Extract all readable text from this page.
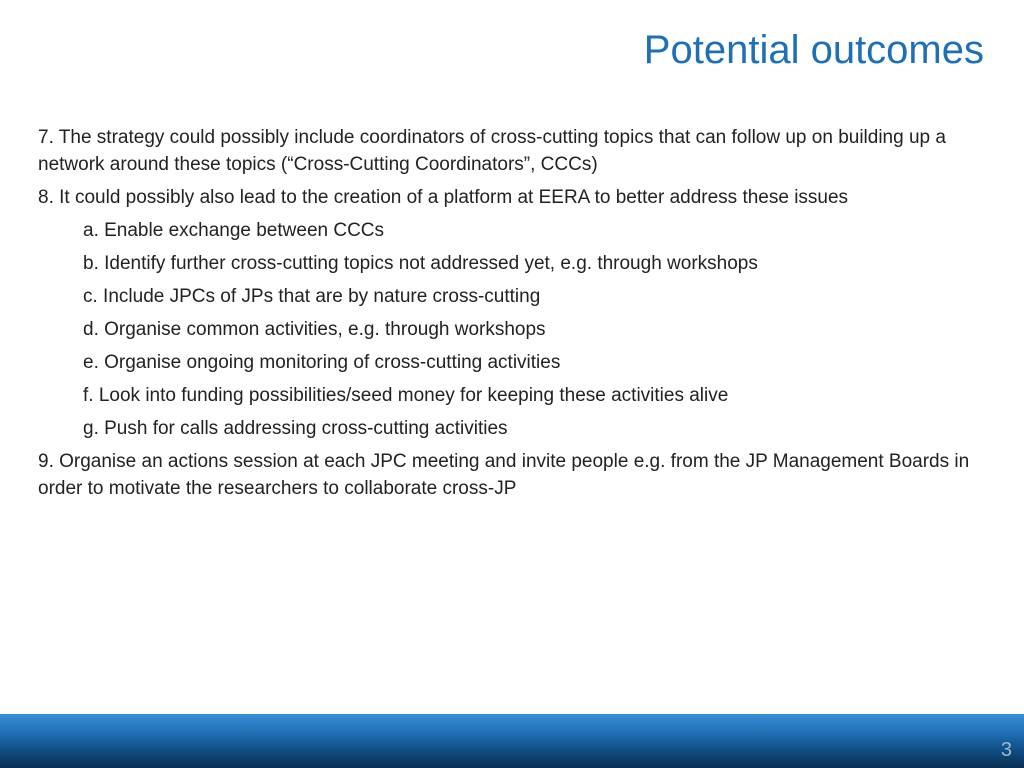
Potential outcomes
7. The strategy could possibly include coordinators of cross-cutting topics that can follow up on building up a network around these topics (“Cross-Cutting Coordinators”, CCCs)
8. It could possibly also lead to the creation of a platform at EERA to better address these issues
a. Enable exchange between CCCs
b. Identify further cross-cutting topics not addressed yet, e.g. through workshops
c. Include JPCs of JPs that are by nature cross-cutting
d. Organise common activities, e.g. through workshops
e. Organise ongoing monitoring of cross-cutting activities
f. Look into funding possibilities/seed money for keeping these activities alive
g. Push for calls addressing cross-cutting activities
9. Organise an actions session at each JPC meeting and invite people e.g. from the JP Management Boards in order to motivate the researchers to collaborate cross-JP
3
